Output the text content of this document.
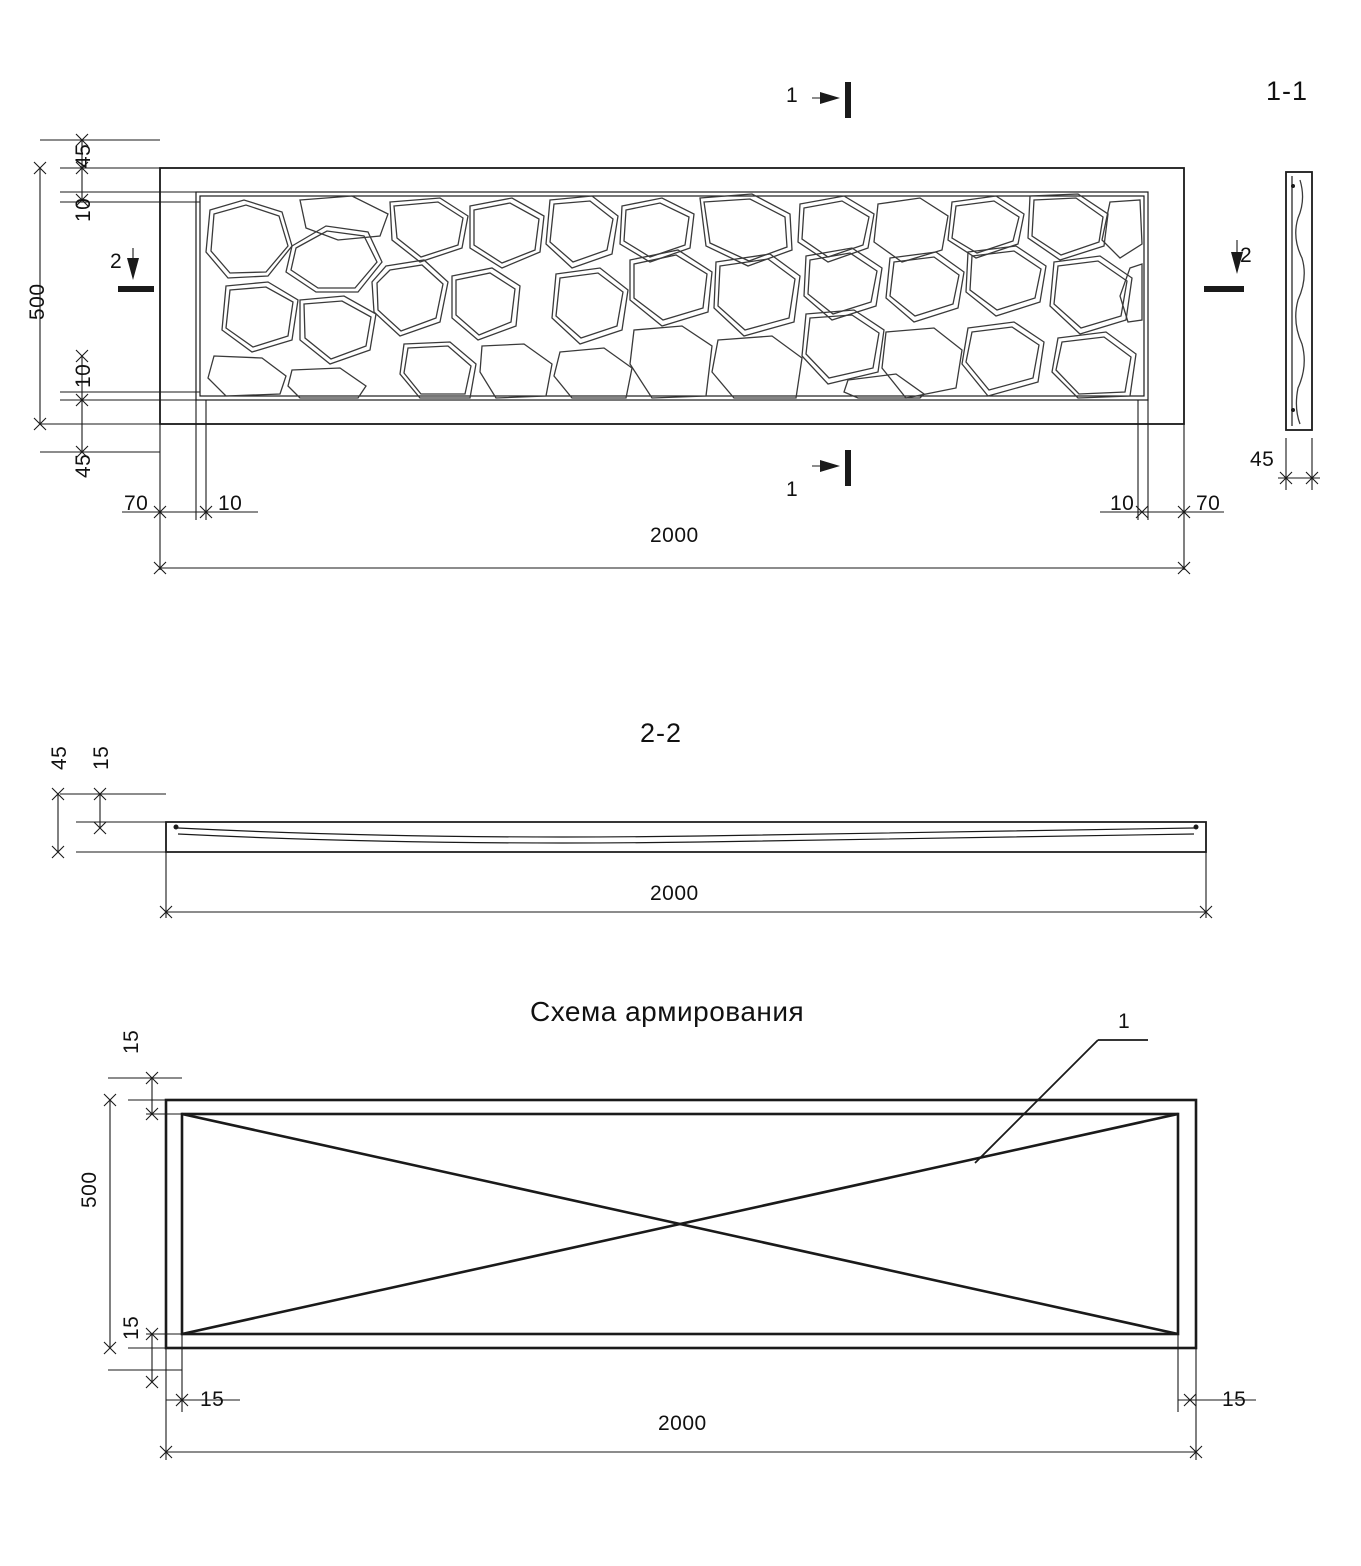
1
1
2	2
45
10
500
10
45
70	10	10	70
2000
1-1
45
2-2
45 15
2000
Схема армирования	1
15
500
15
15	15
2000
